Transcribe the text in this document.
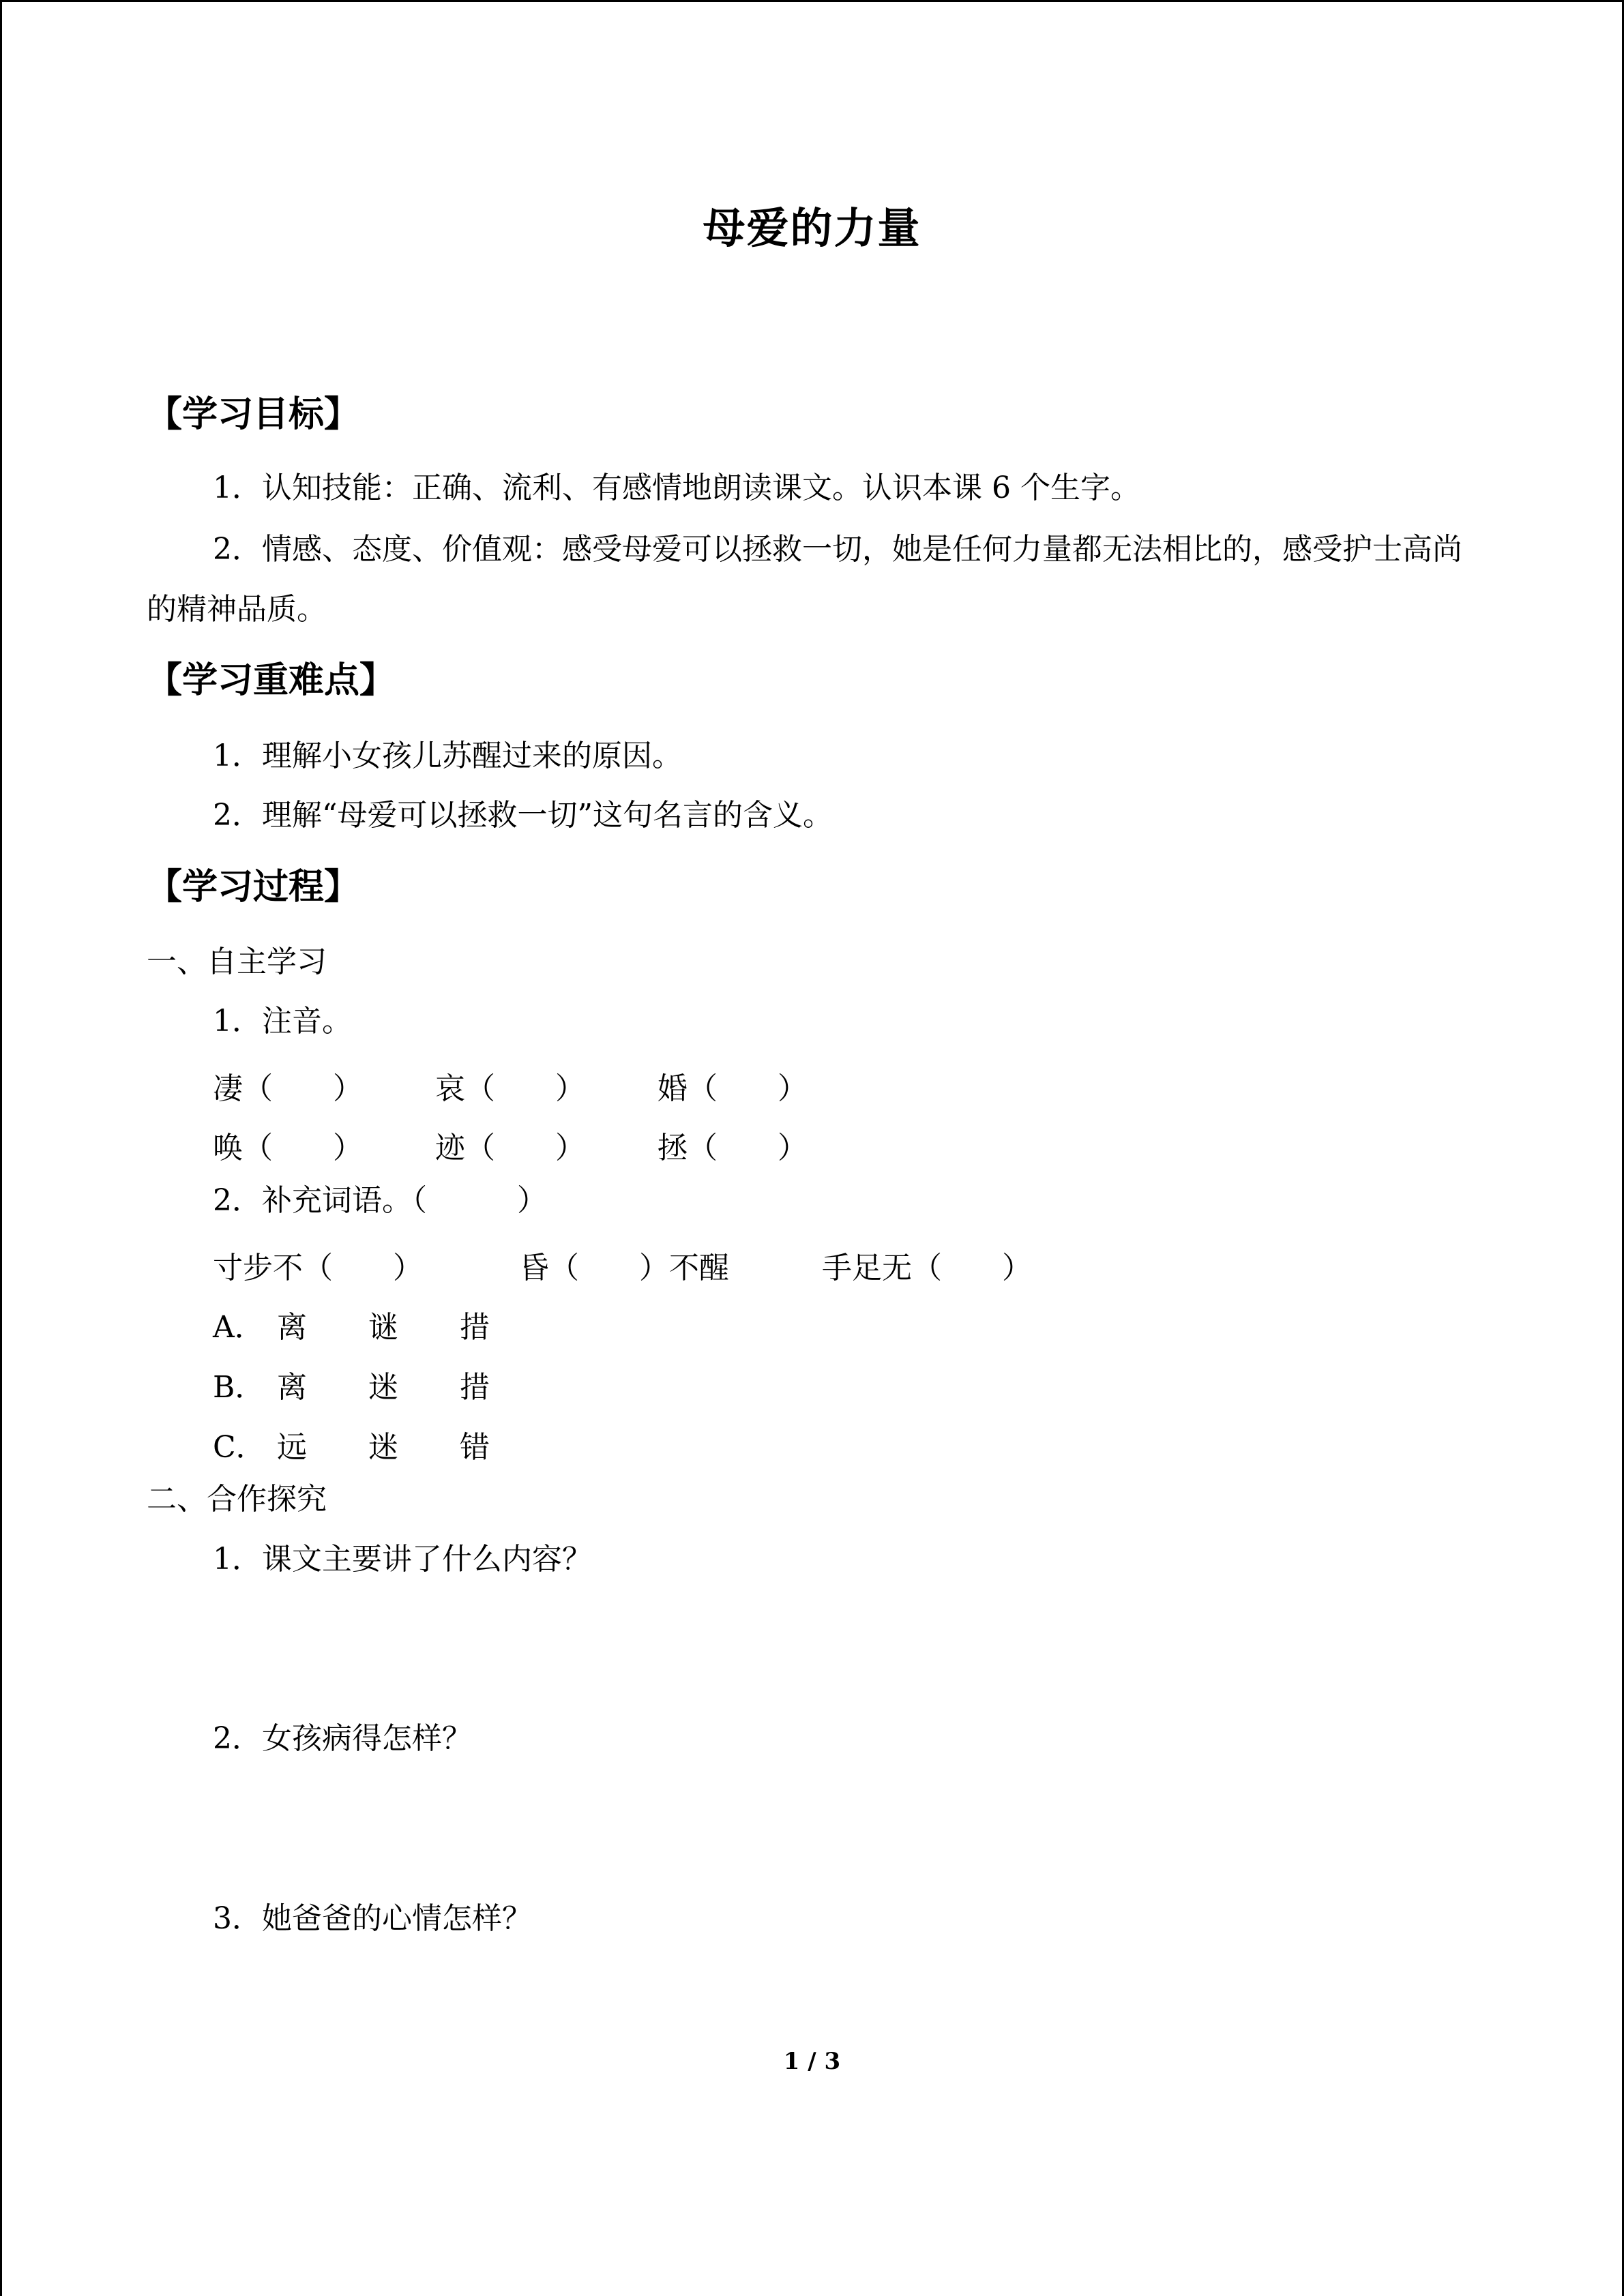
母爱的力量
【学习目标】
1．认知技能：正确、流利、有感情地朗读课文。认识本课 6 个生字。
2．情感、态度、价值观：感受母爱可以拯救一切，她是任何力量都无法相比的，感受护士高尚的精神品质。
【学习重难点】
1．理解小女孩儿苏醒过来的原因。
2．理解“母爱可以拯救一切”这句名言的含义。
【学习过程】
一、自主学习
1．注音。
凄（　　） 哀（　　） 婚（　　）
唤（　　） 迹（　　） 拯（　　）
2．补充词语。（　　　）
寸步不（　　）	昏（　　）不醒	手足无（　　）
A． 离 谜 措
B． 离 迷 措
C． 远 迷 错
二、合作探究
1．课文主要讲了什么内容？
2．女孩病得怎样？
3．她爸爸的心情怎样？
1 / 3
